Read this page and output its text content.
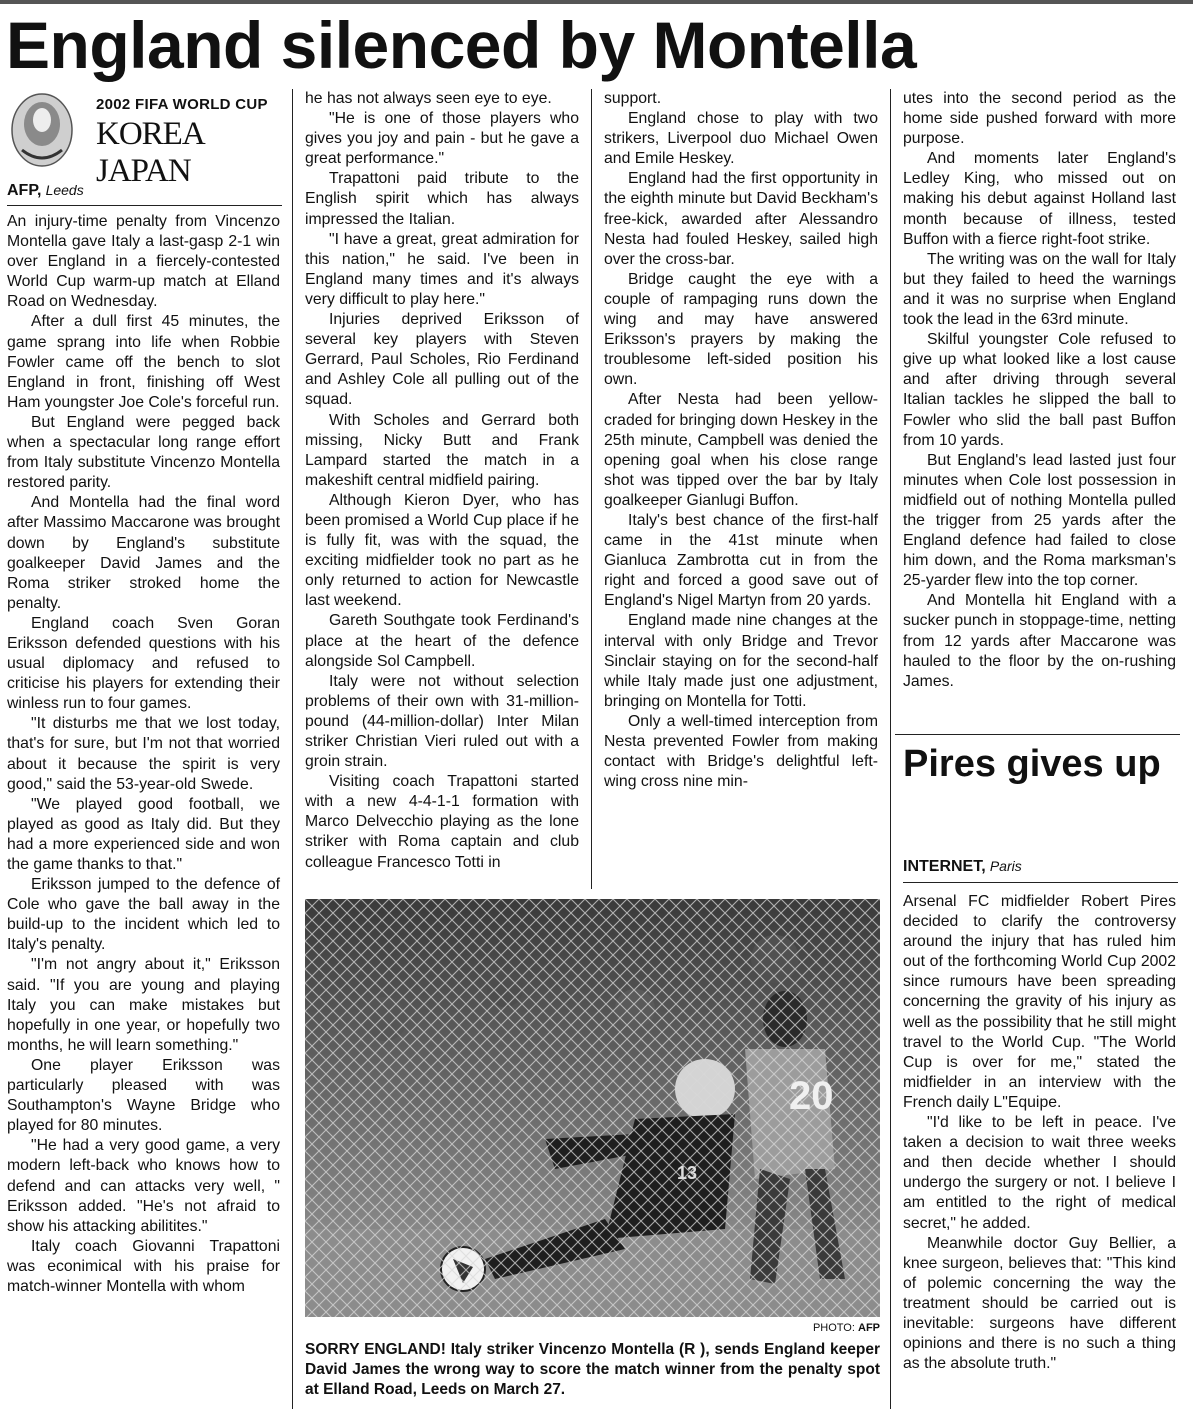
England silenced by Montella
2002 FIFA WORLD CUP
KOREA JAPAN
AFP, Leeds

An injury-time penalty from Vincenzo Montella gave Italy a last-gasp 2-1 win over England in a fiercely-contested World Cup warm-up match at Elland Road on Wednesday.

After a dull first 45 minutes, the game sprang into life when Robbie Fowler came off the bench to slot England in front, finishing off West Ham youngster Joe Cole's forceful run.

But England were pegged back when a spectacular long range effort from Italy substitute Vincenzo Montella restored parity.

And Montella had the final word after Massimo Maccarone was brought down by England's substitute goalkeeper David James and the Roma striker stroked home the penalty.

England coach Sven Goran Eriksson defended questions with his usual diplomacy and refused to criticise his players for extending their winless run to four games.

"It disturbs me that we lost today, that's for sure, but I'm not that worried about it because the spirit is very good," said the 53-year-old Swede.

"We played good football, we played as good as Italy did. But they had a more experienced side and won the game thanks to that."

Eriksson jumped to the defence of Cole who gave the ball away in the build-up to the incident which led to Italy's penalty.

"I'm not angry about it," Eriksson said. "If you are young and playing Italy you can make mistakes but hopefully in one year, or hopefully two months, he will learn something."

One player Eriksson was particularly pleased with was Southampton's Wayne Bridge who played for 80 minutes.

"He had a very good game, a very modern left-back who knows how to defend and can attacks very well, " Eriksson added. "He's not afraid to show his attacking abilitites."

Italy coach Giovanni Trapattoni was econimical with his praise for match-winner Montella with whom

he has not always seen eye to eye.

"He is one of those players who gives you joy and pain - but he gave a great performance."

Trapattoni paid tribute to the English spirit which has always impressed the Italian.

"I have a great, great admiration for this nation," he said. I've been in England many times and it's always very difficult to play here."

Injuries deprived Eriksson of several key players with Steven Gerrard, Paul Scholes, Rio Ferdinand and Ashley Cole all pulling out of the squad.

With Scholes and Gerrard both missing, Nicky Butt and Frank Lampard started the match in a makeshift central midfield pairing.

Although Kieron Dyer, who has been promised a World Cup place if he is fully fit, was with the squad, the exciting midfielder took no part as he only returned to action for Newcastle last weekend.

Gareth Southgate took Ferdinand's place at the heart of the defence alongside Sol Campbell.

Italy were not without selection problems of their own with 31-million-pound (44-million-dollar) Inter Milan striker Christian Vieri ruled out with a groin strain.

Visiting coach Trapattoni started with a new 4-4-1-1 formation with Marco Delvecchio playing as the lone striker with Roma captain and club colleague Francesco Totti in

support.

England chose to play with two strikers, Liverpool duo Michael Owen and Emile Heskey.

England had the first opportunity in the eighth minute but David Beckham's free-kick, awarded after Alessandro Nesta had fouled Heskey, sailed high over the cross-bar.

Bridge caught the eye with a couple of rampaging runs down the wing and may have answered Eriksson's prayers by making the troublesome left-sided position his own.

After Nesta had been yellow-craded for bringing down Heskey in the 25th minute, Campbell was denied the opening goal when his close range shot was tipped over the bar by Italy goalkeeper Gianlugi Buffon.

Italy's best chance of the first-half came in the 41st minute when Gianluca Zambrotta cut in from the right and forced a good save out of England's Nigel Martyn from 20 yards.

England made nine changes at the interval with only Bridge and Trevor Sinclair staying on for the second-half while Italy made just one adjustment, bringing on Montella for Totti.

Only a well-timed interception from Nesta prevented Fowler from making contact with Bridge's delightful left-wing cross nine min-

utes into the second period as the home side pushed forward with more purpose.

And moments later England's Ledley King, who missed out on making his debut against Holland last month because of illness, tested Buffon with a fierce right-foot strike.

The writing was on the wall for Italy but they failed to heed the warnings and it was no surprise when England took the lead in the 63rd minute.

Skilful youngster Cole refused to give up what looked like a lost cause and after driving through several Italian tackles he slipped the ball to Fowler who slid the ball past Buffon from 10 yards.

But England's lead lasted just four minutes when Cole lost possession in midfield out of nothing Montella pulled the trigger from 25 yards after the England defence had failed to close him down, and the Roma marksman's 25-yarder flew into the top corner.

And Montella hit England with a sucker punch in stoppage-time, netting from 12 yards after Maccarone was hauled to the floor by the on-rushing James.

Pires gives up
INTERNET, Paris

Arsenal FC midfielder Robert Pires decided to clarify the controversy around the injury that has ruled him out of the forthcoming World Cup 2002 since rumours have been spreading concerning the gravity of his injury as well as the possibility that he still might travel to the World Cup. "The World Cup is over for me," stated the midfielder in an interview with the French daily L"Equipe.

"I'd like to be left in peace. I've taken a decision to wait three weeks and then decide whether I should undergo the surgery or not. I believe I am entitled to the right of medical secret," he added.

Meanwhile doctor Guy Bellier, a knee surgeon, believes that: "This kind of polemic concerning the way the treatment should be carried out is inevitable: surgeons have different opinions and there is no such a thing as the absolute truth."

20
13
PHOTO: AFP
SORRY ENGLAND! Italy striker Vincenzo Montella (R ), sends England keeper David James the wrong way to score the match winner from the penalty spot at Elland Road, Leeds on March 27.
